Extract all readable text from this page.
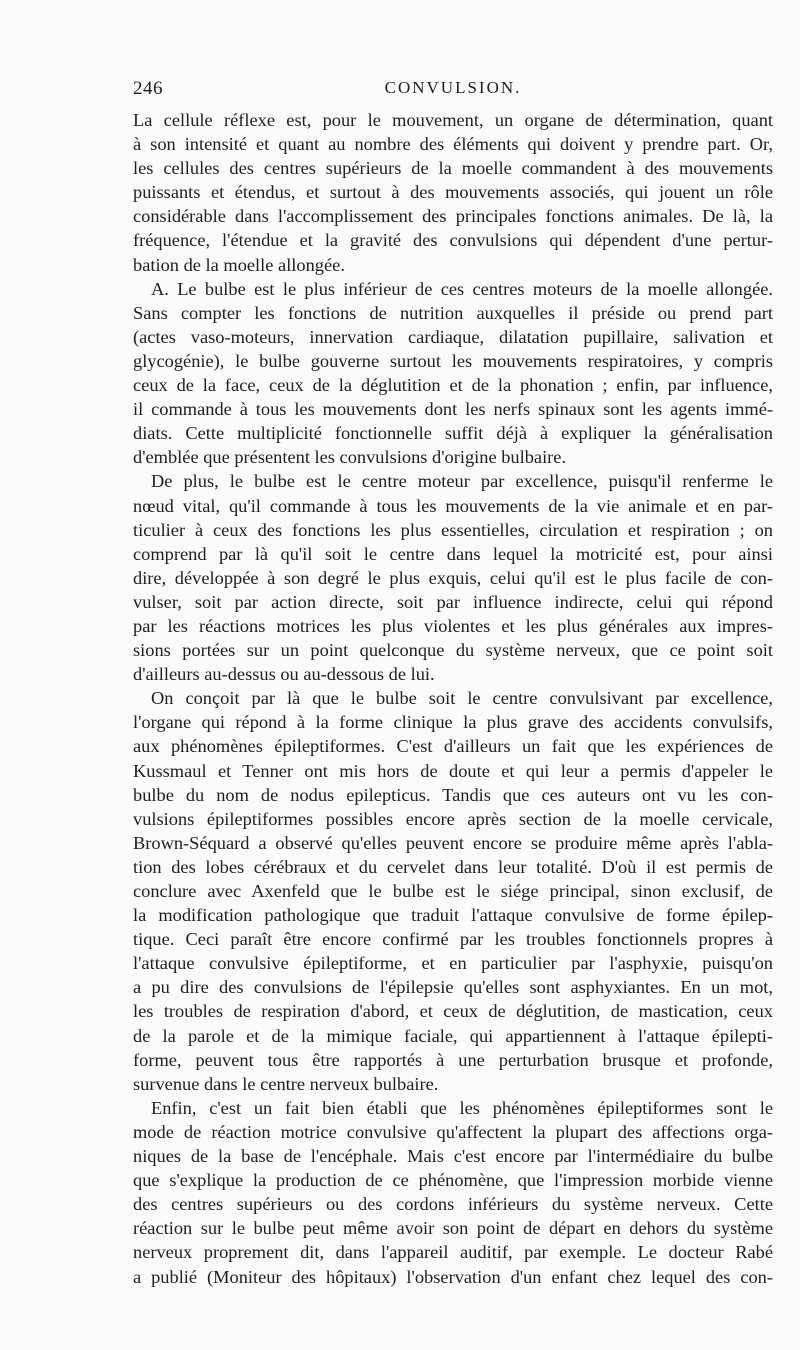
246	CONVULSION.
La cellule réflexe est, pour le mouvement, un organe de détermination, quant
à son intensité et quant au nombre des éléments qui doivent y prendre part. Or,
les cellules des centres supérieurs de la moelle commandent à des mouvements
puissants et étendus, et surtout à des mouvements associés, qui jouent un rôle
considérable dans l'accomplissement des principales fonctions animales. De là, la
fréquence, l'étendue et la gravité des convulsions qui dépendent d'une pertur-
bation de la moelle allongée.
A. Le bulbe est le plus inférieur de ces centres moteurs de la moelle allongée.
Sans compter les fonctions de nutrition auxquelles il préside ou prend part
(actes vaso-moteurs, innervation cardiaque, dilatation pupillaire, salivation et
glycogénie), le bulbe gouverne surtout les mouvements respiratoires, y compris
ceux de la face, ceux de la déglutition et de la phonation ; enfin, par influence,
il commande à tous les mouvements dont les nerfs spinaux sont les agents immé-
diats. Cette multiplicité fonctionnelle suffit déjà à expliquer la généralisation
d'emblée que présentent les convulsions d'origine bulbaire.
De plus, le bulbe est le centre moteur par excellence, puisqu'il renferme le
nœud vital, qu'il commande à tous les mouvements de la vie animale et en par-
ticulier à ceux des fonctions les plus essentielles, circulation et respiration ; on
comprend par là qu'il soit le centre dans lequel la motricité est, pour ainsi
dire, développée à son degré le plus exquis, celui qu'il est le plus facile de con-
vulser, soit par action directe, soit par influence indirecte, celui qui répond
par les réactions motrices les plus violentes et les plus générales aux impres-
sions portées sur un point quelconque du système nerveux, que ce point soit
d'ailleurs au-dessus ou au-dessous de lui.
On conçoit par là que le bulbe soit le centre convulsivant par excellence,
l'organe qui répond à la forme clinique la plus grave des accidents convulsifs,
aux phénomènes épileptiformes. C'est d'ailleurs un fait que les expériences de
Kussmaul et Tenner ont mis hors de doute et qui leur a permis d'appeler le
bulbe du nom de nodus epilepticus. Tandis que ces auteurs ont vu les con-
vulsions épileptiformes possibles encore après section de la moelle cervicale,
Brown-Séquard a observé qu'elles peuvent encore se produire même après l'abla-
tion des lobes cérébraux et du cervelet dans leur totalité. D'où il est permis de
conclure avec Axenfeld que le bulbe est le siége principal, sinon exclusif, de
la modification pathologique que traduit l'attaque convulsive de forme épilep-
tique. Ceci paraît être encore confirmé par les troubles fonctionnels propres à
l'attaque convulsive épileptiforme, et en particulier par l'asphyxie, puisqu'on
a pu dire des convulsions de l'épilepsie qu'elles sont asphyxiantes. En un mot,
les troubles de respiration d'abord, et ceux de déglutition, de mastication, ceux
de la parole et de la mimique faciale, qui appartiennent à l'attaque épilepti-
forme, peuvent tous être rapportés à une perturbation brusque et profonde,
survenue dans le centre nerveux bulbaire.
Enfin, c'est un fait bien établi que les phénomènes épileptiformes sont le
mode de réaction motrice convulsive qu'affectent la plupart des affections orga-
niques de la base de l'encéphale. Mais c'est encore par l'intermédiaire du bulbe
que s'explique la production de ce phénomène, que l'impression morbide vienne
des centres supérieurs ou des cordons inférieurs du système nerveux. Cette
réaction sur le bulbe peut même avoir son point de départ en dehors du système
nerveux proprement dit, dans l'appareil auditif, par exemple. Le docteur Rabé
a publié (Moniteur des hôpitaux) l'observation d'un enfant chez lequel des con-
